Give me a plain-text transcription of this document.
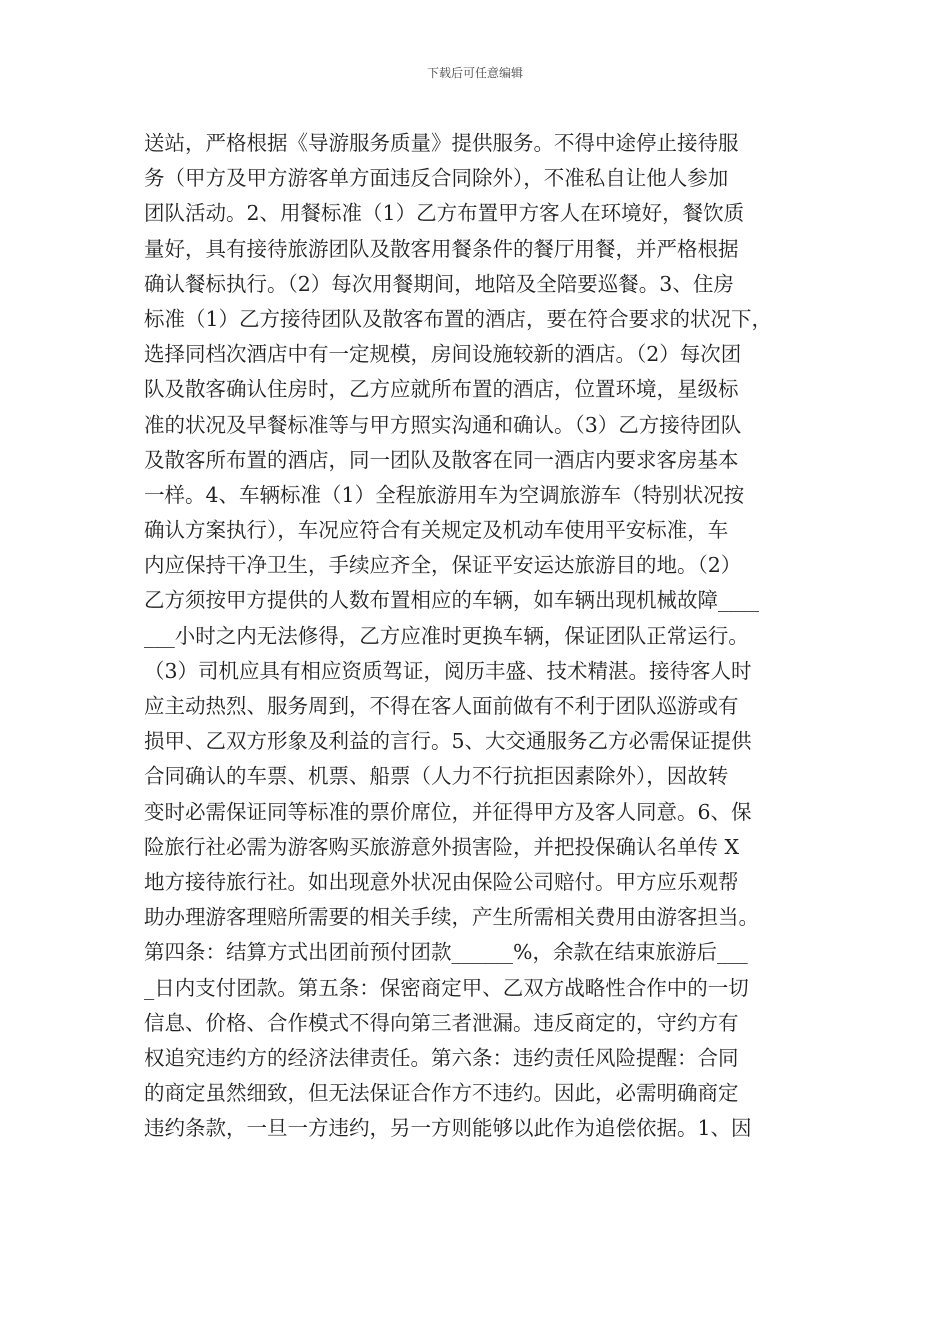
下载后可任意编辑
送站，严格根据《导游服务质量》提供服务。不得中途停止接待服
务（甲方及甲方游客单方面违反合同除外），不准私自让他人参加
团队活动。2、用餐标准（1）乙方布置甲方客人在环境好，餐饮质
量好，具有接待旅游团队及散客用餐条件的餐厅用餐，并严格根据
确认餐标执行。（2）每次用餐期间，地陪及全陪要巡餐。3、住房
标准（1）乙方接待团队及散客布置的酒店，要在符合要求的状况下，
选择同档次酒店中有一定规模，房间设施较新的酒店。（2）每次团
队及散客确认住房时，乙方应就所布置的酒店，位置环境，星级标
准的状况及早餐标准等与甲方照实沟通和确认。（3）乙方接待团队
及散客所布置的酒店，同一团队及散客在同一酒店内要求客房基本
一样。4、车辆标准（1）全程旅游用车为空调旅游车（特别状况按
确认方案执行），车况应符合有关规定及机动车使用平安标准，车
内应保持干净卫生，手续应齐全，保证平安运达旅游目的地。（2）
乙方须按甲方提供的人数布置相应的车辆，如车辆出现机械故障____
___小时之内无法修得，乙方应准时更换车辆，保证团队正常运行。
（3）司机应具有相应资质驾证，阅历丰盛、技术精湛。接待客人时
应主动热烈、服务周到，不得在客人面前做有不利于团队巡游或有
损甲、乙双方形象及利益的言行。5、大交通服务乙方必需保证提供
合同确认的车票、机票、船票（人力不行抗拒因素除外），因故转
变时必需保证同等标准的票价席位，并征得甲方及客人同意。6、保
险旅行社必需为游客购买旅游意外损害险，并把投保确认名单传 X
地方接待旅行社。如出现意外状况由保险公司赔付。甲方应乐观帮
助办理游客理赔所需要的相关手续，产生所需相关费用由游客担当。
第四条：结算方式出团前预付团款______%，余款在结束旅游后___
_日内支付团款。第五条：保密商定甲、乙双方战略性合作中的一切
信息、价格、合作模式不得向第三者泄漏。违反商定的，守约方有
权追究违约方的经济法律责任。第六条：违约责任风险提醒：合同
的商定虽然细致，但无法保证合作方不违约。因此，必需明确商定
违约条款，一旦一方违约，另一方则能够以此作为追偿依据。1、因
